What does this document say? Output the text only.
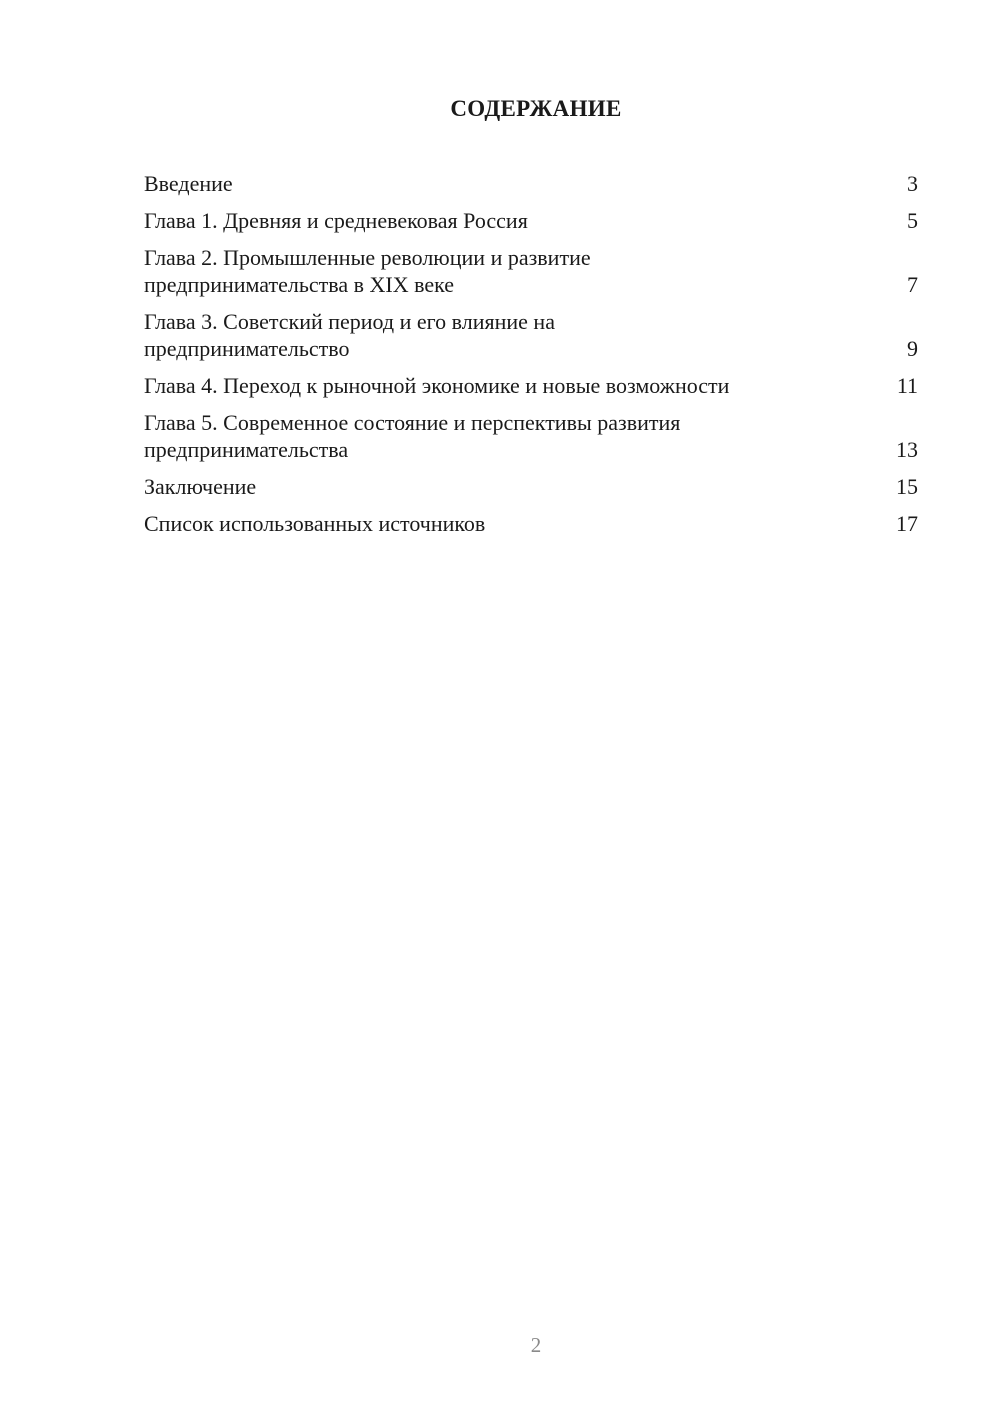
СОДЕРЖАНИЕ
Введение	3
Глава 1. Древняя и средневековая Россия	5
Глава 2. Промышленные революции и развитие
предпринимательства в XIX веке	7
Глава 3. Советский период и его влияние на
предпринимательство	9
Глава 4. Переход к рыночной экономике и новые возможности	11
Глава 5. Современное состояние и перспективы развития
предпринимательства	13
Заключение	15
Список использованных источников	17
2
